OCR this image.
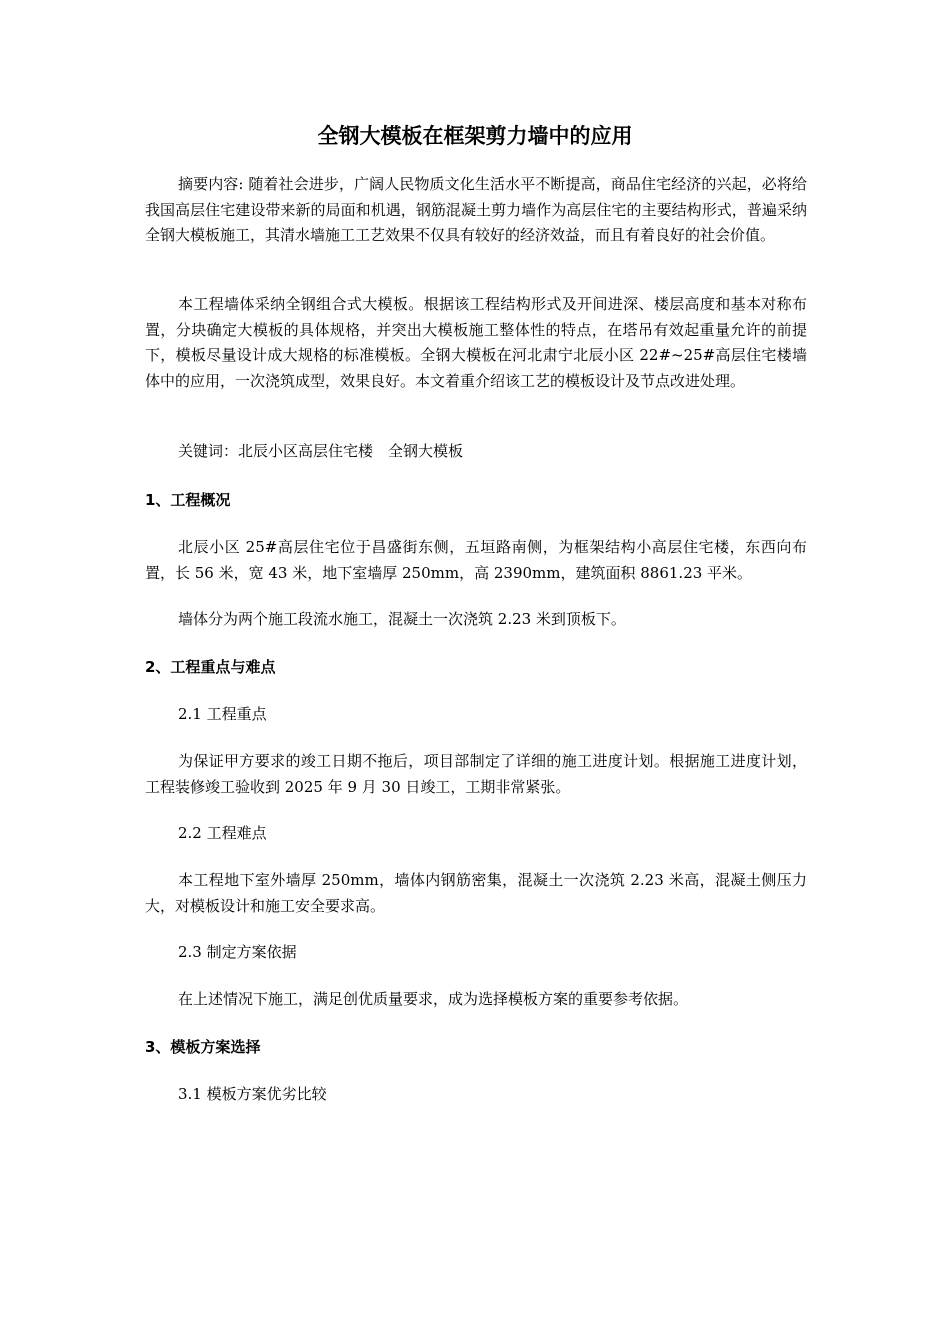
全钢大模板在框架剪力墙中的应用

摘要内容: 随着社会进步，广阔人民物质文化生活水平不断提高，商品住宅经济的兴起，必将给我国高层住宅建设带来新的局面和机遇，钢筋混凝土剪力墙作为高层住宅的主要结构形式，普遍采纳全钢大模板施工，其清水墙施工工艺效果不仅具有较好的经济效益，而且有着良好的社会价值。

本工程墙体采纳全钢组合式大模板。根据该工程结构形式及开间进深、楼层高度和基本对称布置，分块确定大模板的具体规格，并突出大模板施工整体性的特点，在塔吊有效起重量允许的前提下，模板尽量设计成大规格的标准模板。全钢大模板在河北肃宁北辰小区 22#~25#高层住宅楼墙体中的应用，一次浇筑成型，效果良好。本文着重介绍该工艺的模板设计及节点改进处理。

关键词：北辰小区高层住宅楼　全钢大模板

1、工程概况

北辰小区 25#高层住宅位于昌盛街东侧，五垣路南侧，为框架结构小高层住宅楼，东西向布置，长 56 米，宽 43 米，地下室墙厚 250mm，高 2390mm，建筑面积 8861.23 平米。

墙体分为两个施工段流水施工，混凝土一次浇筑 2.23 米到顶板下。

2、工程重点与难点

2.1 工程重点

为保证甲方要求的竣工日期不拖后，项目部制定了详细的施工进度计划。根据施工进度计划，工程装修竣工验收到 2025 年 9 月 30 日竣工，工期非常紧张。

2.2 工程难点

本工程地下室外墙厚 250mm，墙体内钢筋密集，混凝土一次浇筑 2.23 米高，混凝土侧压力大，对模板设计和施工安全要求高。

2.3 制定方案依据

在上述情况下施工，满足创优质量要求，成为选择模板方案的重要参考依据。

3、模板方案选择

3.1 模板方案优劣比较
